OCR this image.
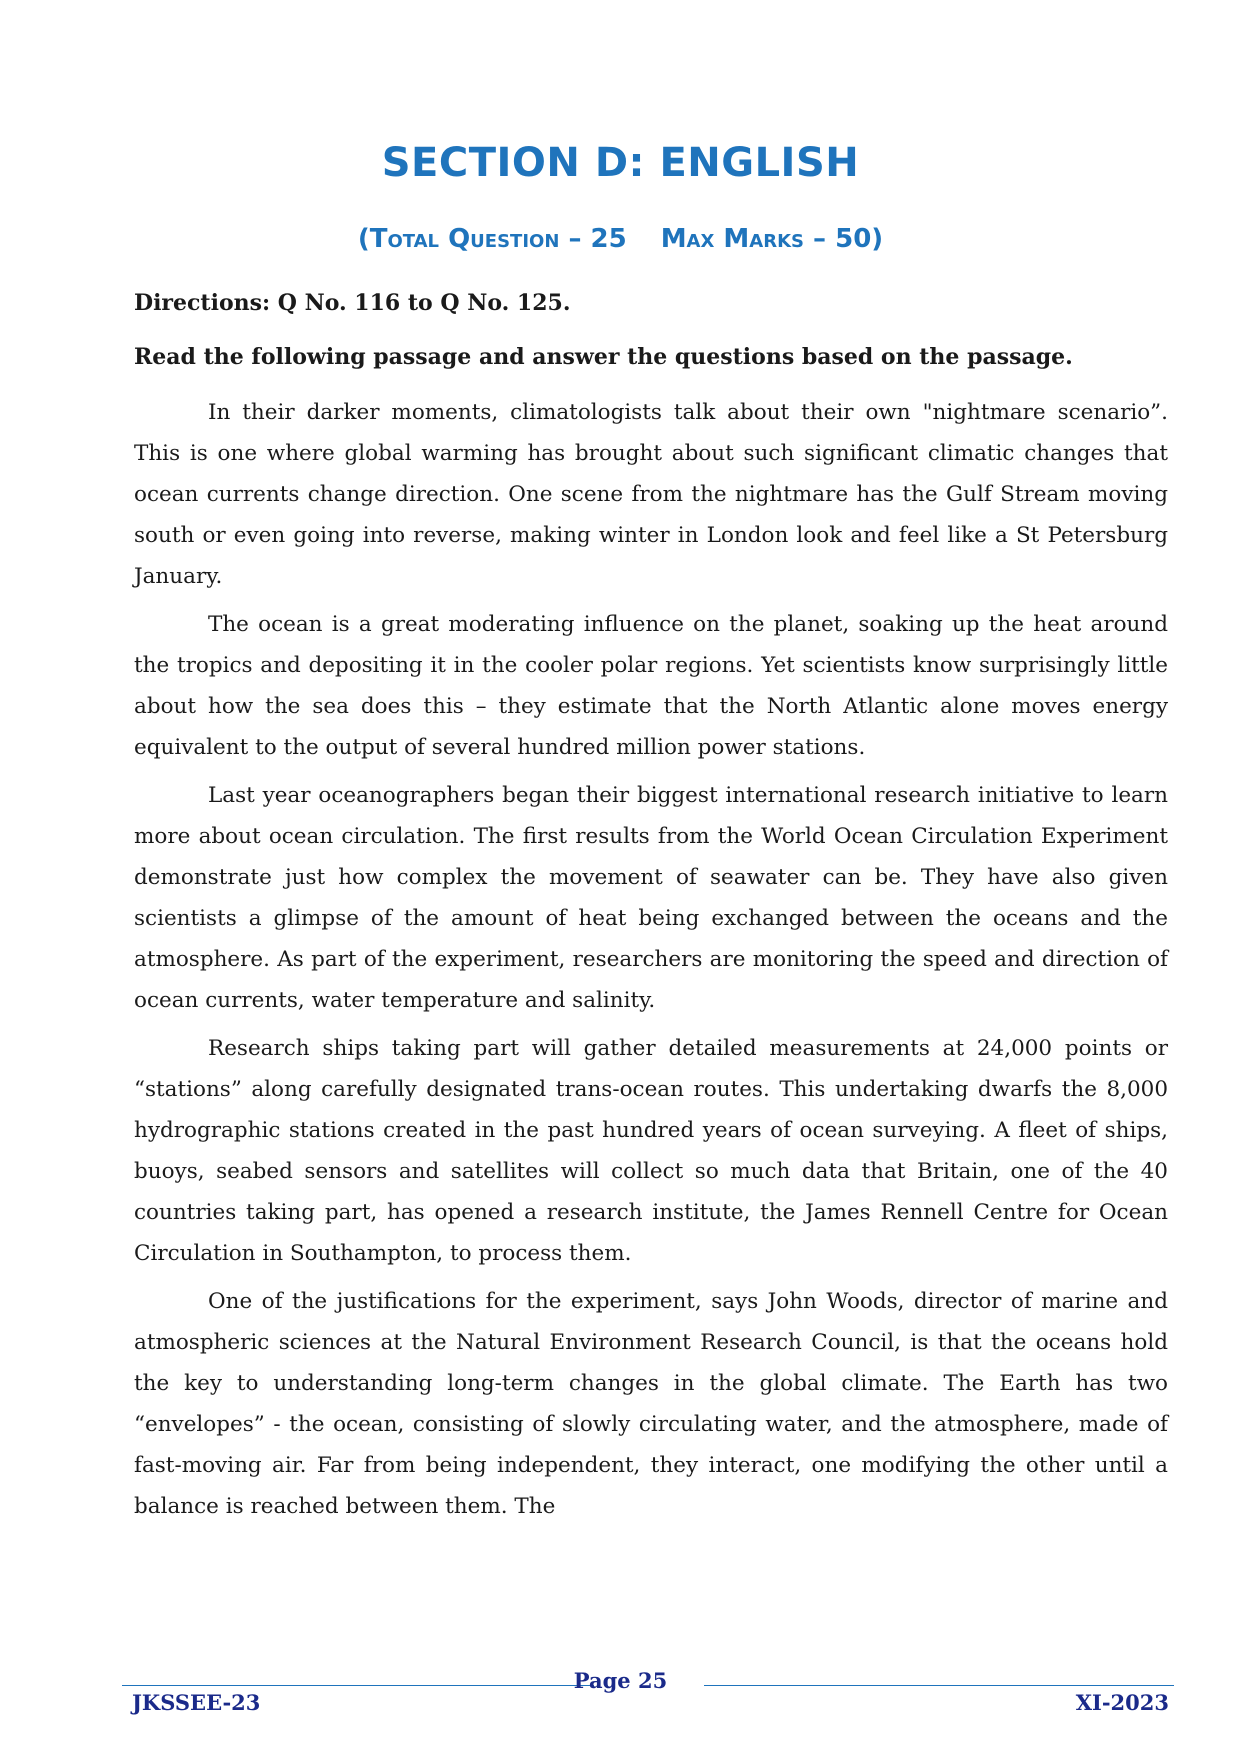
SECTION D: ENGLISH
(Total Question – 25 Max Marks – 50)

Directions: Q No. 116 to Q No. 125.

Read the following passage and answer the questions based on the passage.

In their darker moments, climatologists talk about their own "nightmare scenario”. This is one where global warming has brought about such significant climatic changes that ocean currents change direction. One scene from the nightmare has the Gulf Stream moving south or even going into reverse, making winter in London look and feel like a St Petersburg January.

The ocean is a great moderating influence on the planet, soaking up the heat around the tropics and depositing it in the cooler polar regions. Yet scientists know surprisingly little about how the sea does this – they estimate that the North Atlantic alone moves energy equivalent to the output of several hundred million power stations.

Last year oceanographers began their biggest international research initiative to learn more about ocean circulation. The first results from the World Ocean Circulation Experiment demonstrate just how complex the movement of seawater can be. They have also given scientists a glimpse of the amount of heat being exchanged between the oceans and the atmosphere. As part of the experiment, researchers are monitoring the speed and direction of ocean currents, water temperature and salinity.

Research ships taking part will gather detailed measurements at 24,000 points or “stations” along carefully designated trans-ocean routes. This undertaking dwarfs the 8,000 hydrographic stations created in the past hundred years of ocean surveying. A fleet of ships, buoys, seabed sensors and satellites will collect so much data that Britain, one of the 40 countries taking part, has opened a research institute, the James Rennell Centre for Ocean Circulation in Southampton, to process them.

One of the justifications for the experiment, says John Woods, director of marine and atmospheric sciences at the Natural Environment Research Council, is that the oceans hold the key to understanding long-term changes in the global climate. The Earth has two “envelopes” - the ocean, consisting of slowly circulating water, and the atmosphere, made of fast-moving air. Far from being independent, they interact, one modifying the other until a balance is reached between them. The

JKSSEE-23
Page 25
XI-2023
